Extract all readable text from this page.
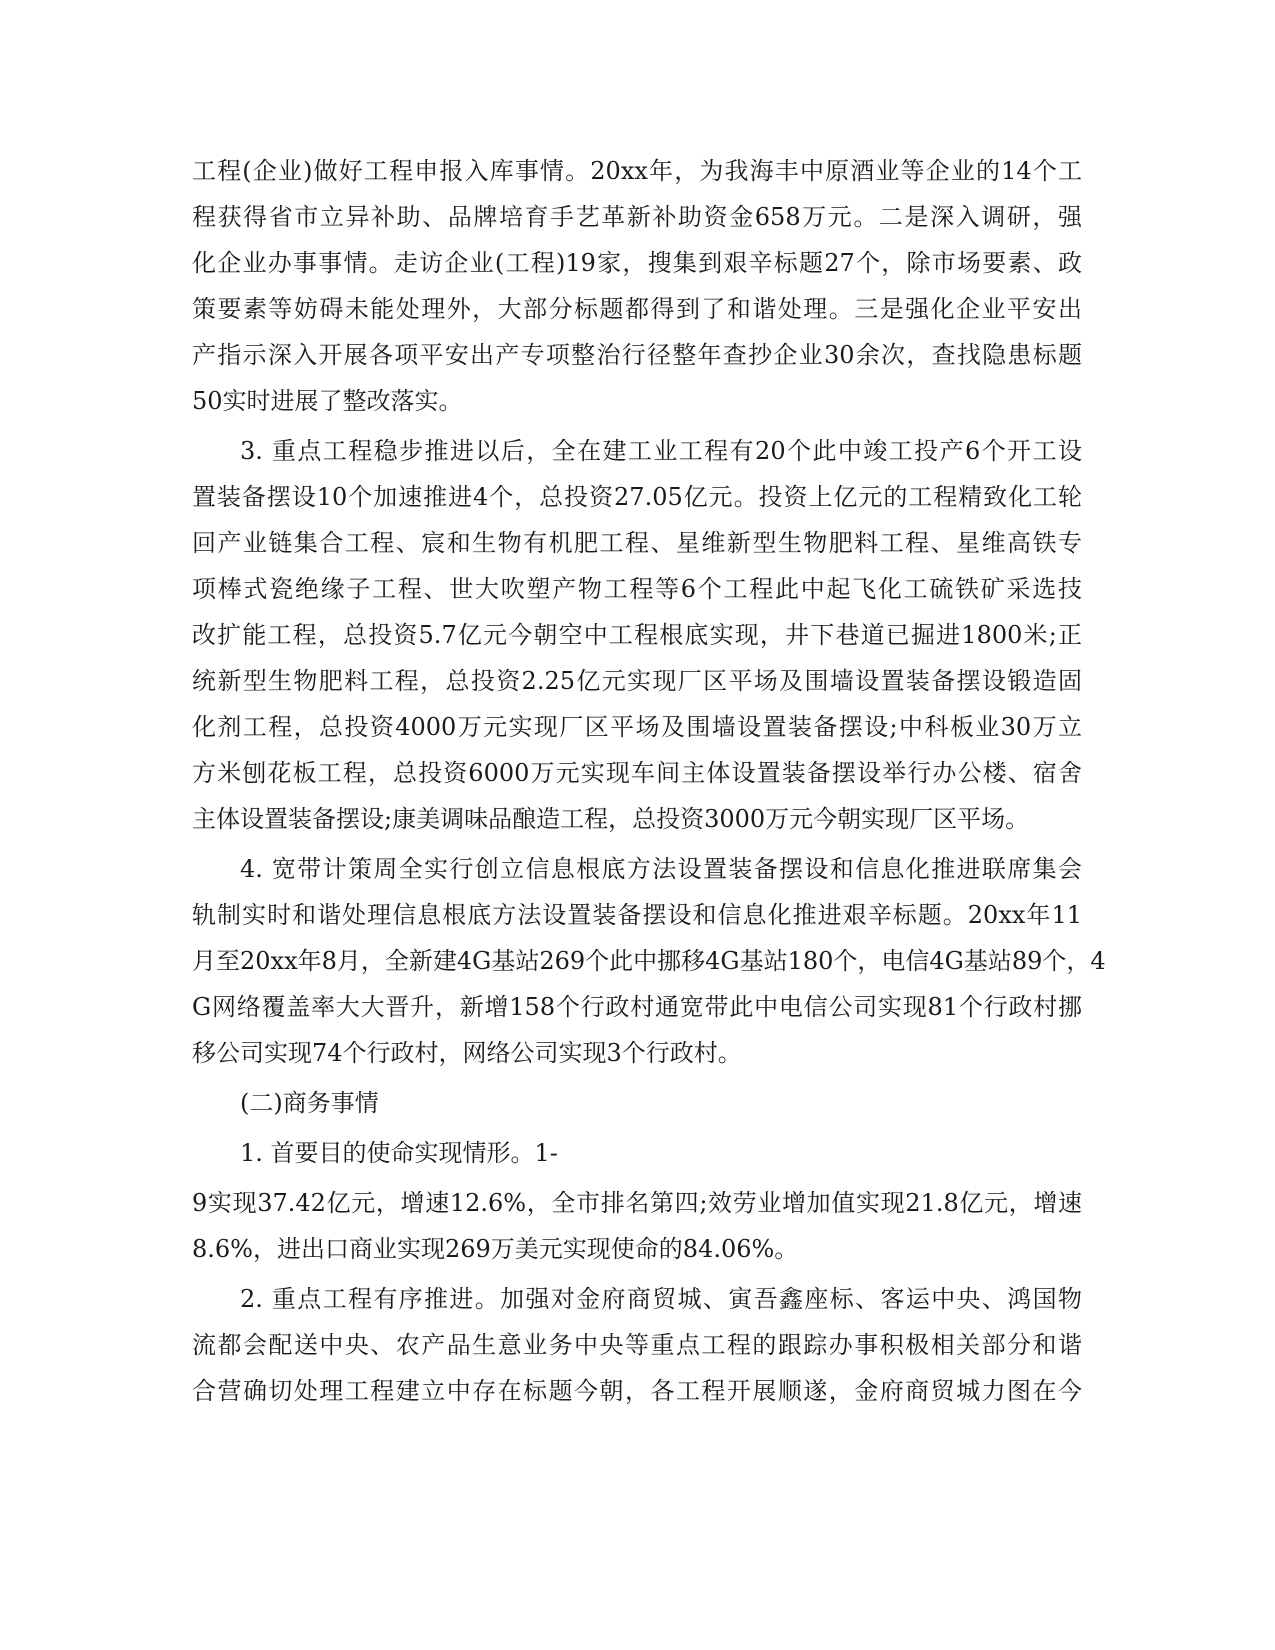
工程(企业)做好工程申报入库事情。20xx年，为我海丰中原酒业等企业的14个工
程获得省市立异补助、品牌培育手艺革新补助资金658万元。二是深入调研，强
化企业办事事情。走访企业(工程)19家，搜集到艰辛标题27个，除市场要素、政
策要素等妨碍未能处理外，大部分标题都得到了和谐处理。三是强化企业平安出
产指示深入开展各项平安出产专项整治行径整年查抄企业30余次，查找隐患标题
50实时进展了整改落实。

3. 重点工程稳步推进以后，全在建工业工程有20个此中竣工投产6个开工设
置装备摆设10个加速推进4个，总投资27.05亿元。投资上亿元的工程精致化工轮
回产业链集合工程、宸和生物有机肥工程、星维新型生物肥料工程、星维高铁专
项棒式瓷绝缘子工程、世大吹塑产物工程等6个工程此中起飞化工硫铁矿采选技
改扩能工程，总投资5.7亿元今朝空中工程根底实现，井下巷道已掘进1800米;正
统新型生物肥料工程，总投资2.25亿元实现厂区平场及围墙设置装备摆设锻造固
化剂工程，总投资4000万元实现厂区平场及围墙设置装备摆设;中科板业30万立
方米刨花板工程，总投资6000万元实现车间主体设置装备摆设举行办公楼、宿舍
主体设置装备摆设;康美调味品酿造工程，总投资3000万元今朝实现厂区平场。

4. 宽带计策周全实行创立信息根底方法设置装备摆设和信息化推进联席集会
轨制实时和谐处理信息根底方法设置装备摆设和信息化推进艰辛标题。20xx年11
月至20xx年8月，全新建4G基站269个此中挪移4G基站180个，电信4G基站89个，4
G网络覆盖率大大晋升，新增158个行政村通宽带此中电信公司实现81个行政村挪
移公司实现74个行政村，网络公司实现3个行政村。

(二)商务事情

1. 首要目的使命实现情形。1-

9实现37.42亿元，增速12.6%，全市排名第四;效劳业增加值实现21.8亿元，增速
8.6%，进出口商业实现269万美元实现使命的84.06%。

2. 重点工程有序推进。加强对金府商贸城、寅吾鑫座标、客运中央、鸿国物
流都会配送中央、农产品生意业务中央等重点工程的跟踪办事积极相关部分和谐
合营确切处理工程建立中存在标题今朝，各工程开展顺遂，金府商贸城力图在今
